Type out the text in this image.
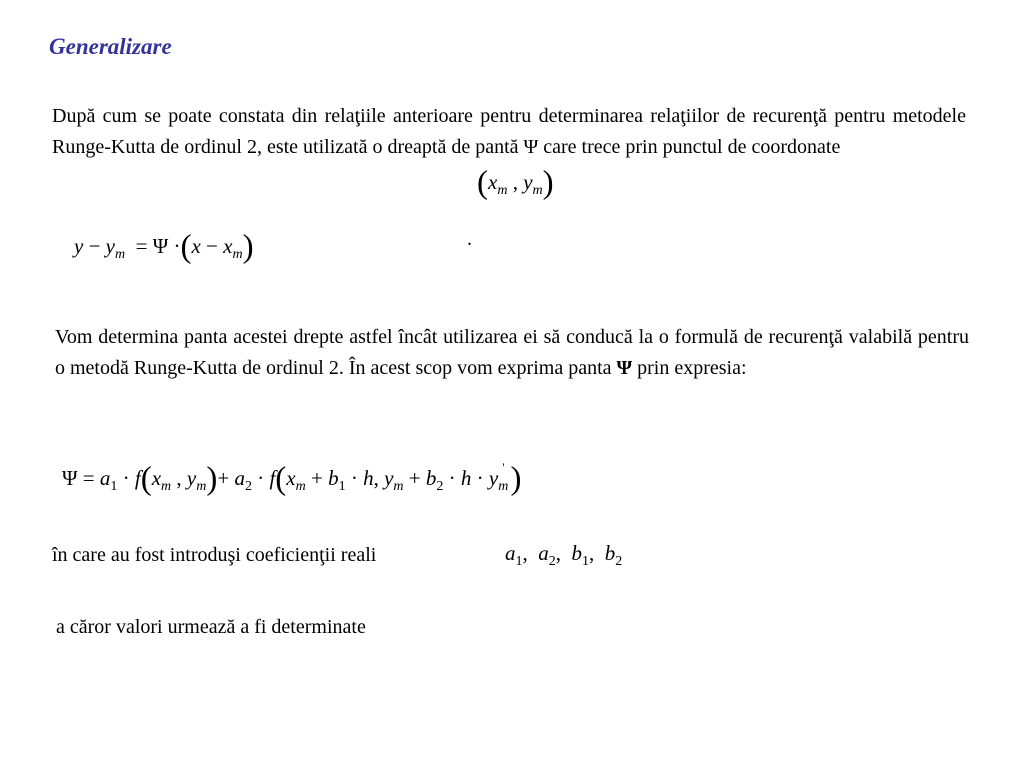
Generalizare
După cum se poate constata din relaţiile anterioare pentru determinarea relaţiilor de recurenţă pentru metodele Runge-Kutta de ordinul 2, este utilizată o dreaptă de pantă Ψ care trece prin punctul de coordonate
($x_m$ , $y_m$)
$y - y_m = \Psi \cdot(x - x_m)$	.
Vom determina panta acestei drepte astfel încât utilizarea ei să conducă la o formulă de recurenţă valabilă pentru o metodă Runge-Kutta de ordinul 2. În acest scop vom exprima panta Ψ prin expresia:
$\Psi = a_1 \cdot f(x_m$ , $y_m)+ a_2 \cdot f(x_m + b_1 \cdot h$, $y_m + b_2 \cdot h \cdot y_m'$ )
în care au fost introduşi coeficienţii reali	$a_1$, $a_2$, $b_1$, $b_2$
a căror valori urmează a fi determinate
